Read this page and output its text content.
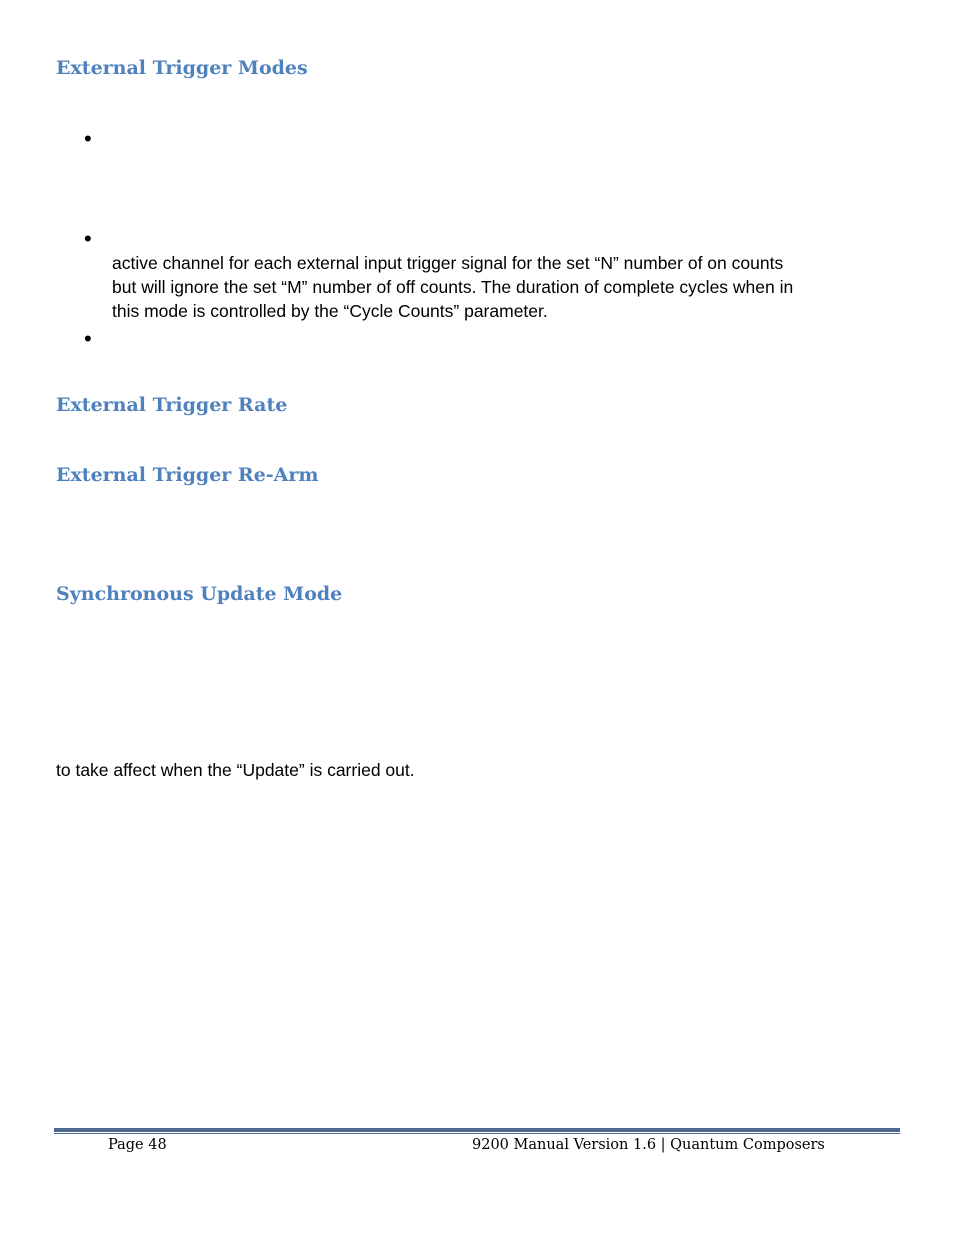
External Trigger Modes
•
•
active channel for each external input trigger signal for the set “N” number of on counts
but will ignore the set “M” number of off counts. The duration of complete cycles when in
this mode is controlled by the “Cycle Counts” parameter.
•
External Trigger Rate
External Trigger Re-Arm
Synchronous Update Mode
to take affect when the “Update” is carried out.
Page 48	9200 Manual Version 1.6 | Quantum Composers
